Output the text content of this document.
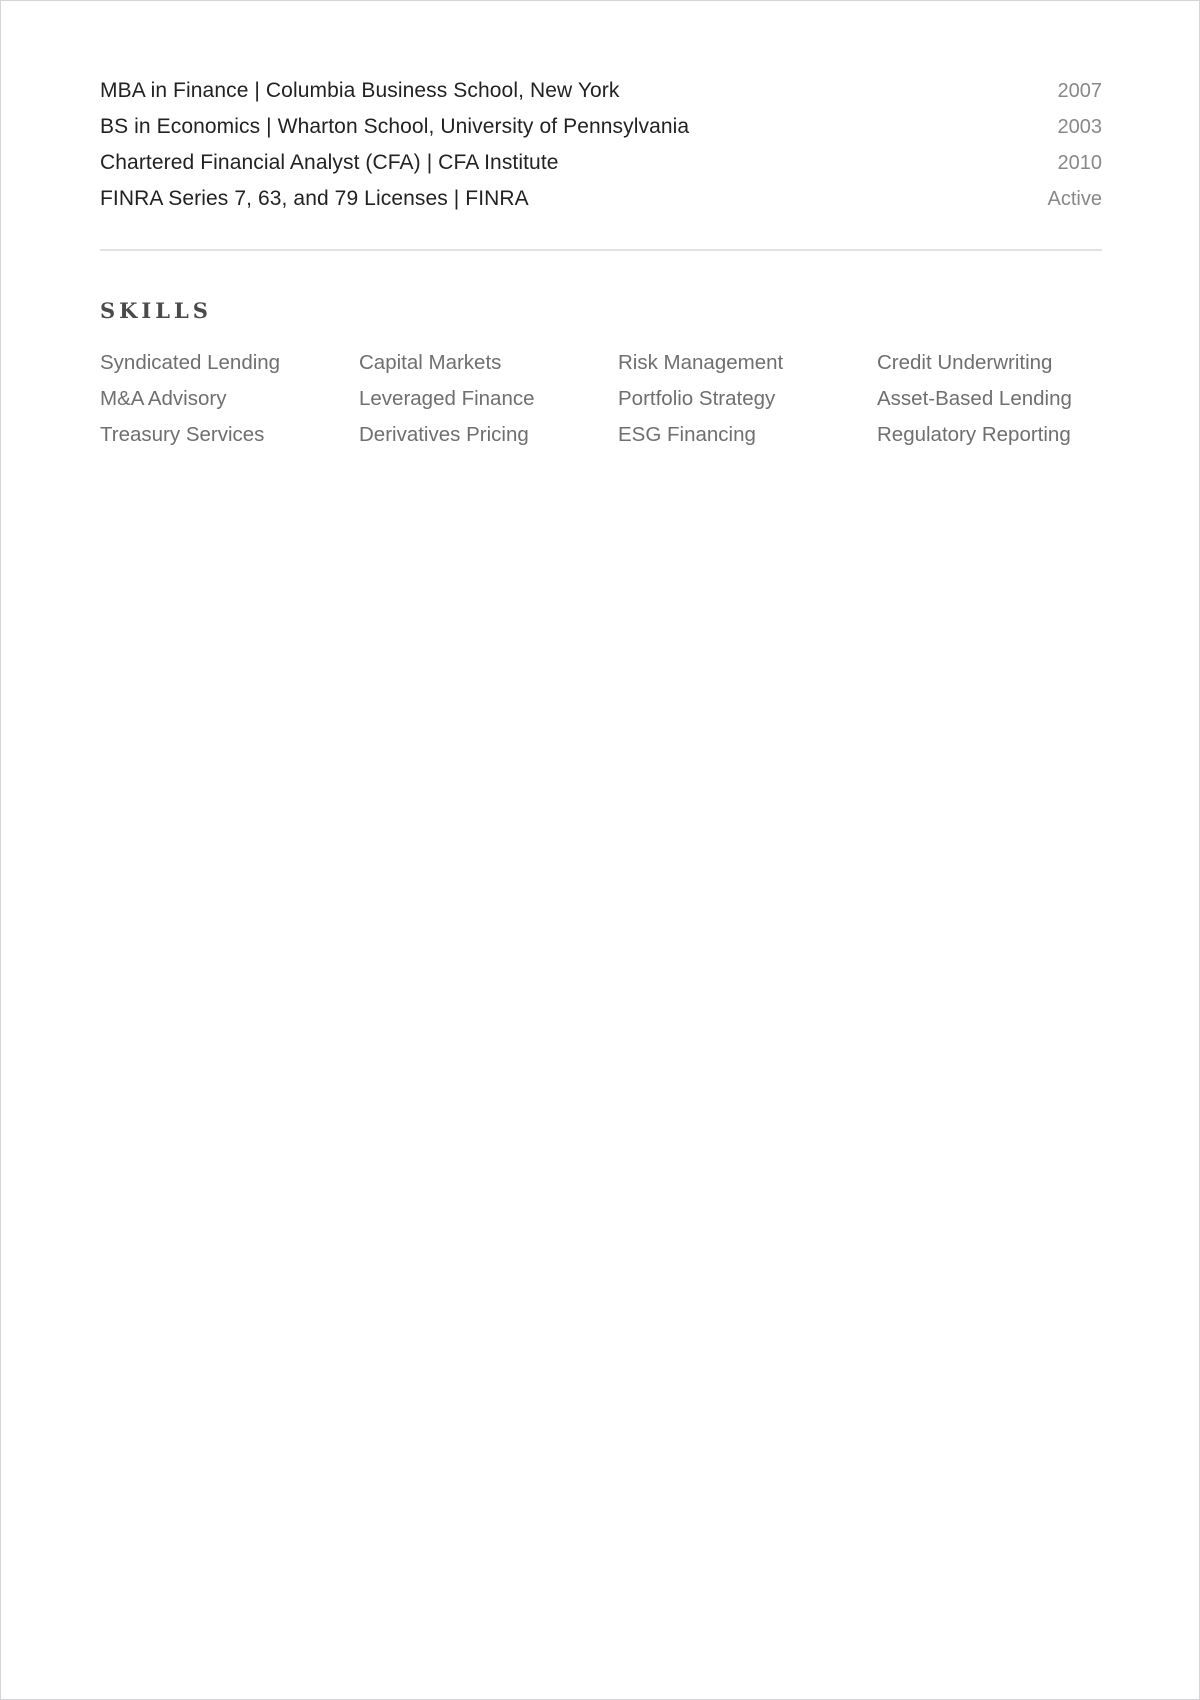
MBA in Finance | Columbia Business School, New York	2007
BS in Economics | Wharton School, University of Pennsylvania	2003
Chartered Financial Analyst (CFA) | CFA Institute	2010
FINRA Series 7, 63, and 79 Licenses | FINRA	Active
SKILLS
Syndicated Lending	Capital Markets	Risk Management	Credit Underwriting
M&A Advisory	Leveraged Finance	Portfolio Strategy	Asset-Based Lending
Treasury Services	Derivatives Pricing	ESG Financing	Regulatory Reporting
